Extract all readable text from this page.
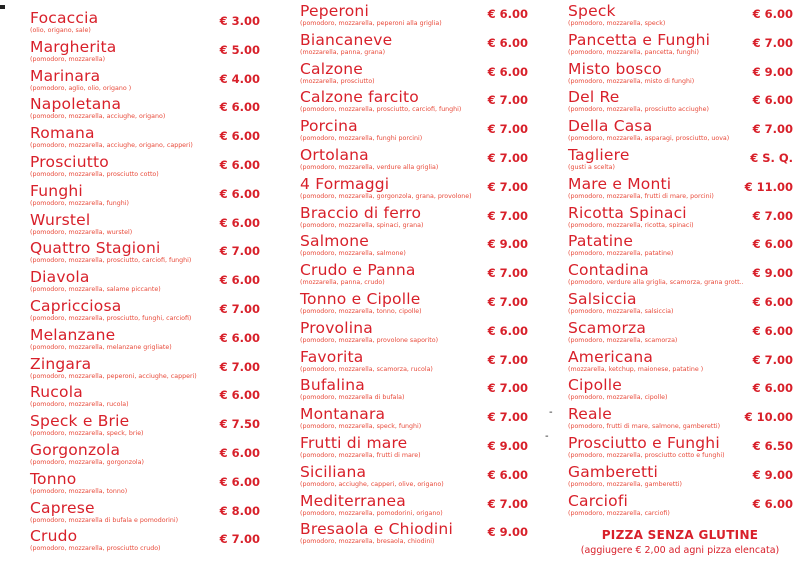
Focaccia
(olio, origano, sale)
€ 3.00
Margherita
(pomodoro, mozzarella)
€ 5.00
Marinara
(pomodoro, aglio, olio, origano )
€ 4.00
Napoletana
(pomodoro, mozzarella, acciughe, origano)
€ 6.00
Romana
(pomodoro, mozzarella, acciughe, origano, capperi)
€ 6.00
Prosciutto
(pomodoro, mozzarella, prosciutto cotto)
€ 6.00
Funghi
(pomodoro, mozzarella, funghi)
€ 6.00
Wurstel
(pomodoro, mozzarella, wurstel)
€ 6.00
Quattro Stagioni
(pomodoro, mozzarella, prosciutto, carciofi, funghi)
€ 7.00
Diavola
(pomodoro, mozzarella, salame piccante)
€ 6.00
Capricciosa
(pomodoro, mozzarella, prosciutto, funghi, carciofi)
€ 7.00
Melanzane
(pomodoro, mozzarella, melanzane grigliate)
€ 6.00
Zingara
(pomodoro, mozzarella, peperoni, acciughe, capperi)
€ 7.00
Rucola
(pomodoro, mozzarella, rucola)
€ 6.00
Speck e Brie
(pomodoro, mozzarella, speck, brie)
€ 7.50
Gorgonzola
(pomodoro, mozzarella, gorgonzola)
€ 6.00
Tonno
(pomodoro, mozzarella, tonno)
€ 6.00
Caprese
(pomodoro, mozzarella di bufala e pomodorini)
€ 8.00
Crudo
(pomodoro, mozzarella, prosciutto crudo)
€ 7.00
Peperoni
(pomodoro, mozzarella, peperoni alla griglia)
€ 6.00
Biancaneve
(mozzarella, panna, grana)
€ 6.00
Calzone
(mozzarella, prosciutto)
€ 6.00
Calzone farcito
(pomodoro, mozzarella, prosciutto, carciofi, funghi)
€ 7.00
Porcina
(pomodoro, mozzarella, funghi porcini)
€ 7.00
Ortolana
(pomodoro, mozzarella, verdure alla griglia)
€ 7.00
4 Formaggi
(pomodoro, mozzarella, gorgonzola, grana, provolone)
€ 7.00
Braccio di ferro
(pomodoro, mozzarella, spinaci, grana)
€ 7.00
Salmone
(pomodoro, mozzarella, salmone)
€ 9.00
Crudo e Panna
(mozzarella, panna, crudo)
€ 7.00
Tonno e Cipolle
(pomodoro, mozzarella, tonno, cipolle)
€ 7.00
Provolina
(pomodoro, mozzarella, provolone saporito)
€ 6.00
Favorita
(pomodoro, mozzarella, scamorza, rucola)
€ 7.00
Bufalina
(pomodoro, mozzarella di bufala)
€ 7.00
Montanara
(pomodoro, mozzarella, speck, funghi)
€ 7.00
Frutti di mare
(pomodoro, mozzarella, frutti di mare)
€ 9.00
Siciliana
(pomodoro, acciughe, capperi, olive, origano)
€ 6.00
Mediterranea
(pomodoro, mozzarella, pomodorini, origano)
€ 7.00
Bresaola e Chiodini
(pomodoro, mozzarella, bresaola, chiodini)
€ 9.00
Speck
(pomodoro, mozzarella, speck)
€ 6.00
Pancetta e Funghi
(pomodoro, mozzarella, pancetta, funghi)
€ 7.00
Misto bosco
(pomodoro, mozzarella, misto di funghi)
€ 9.00
Del Re
(pomodoro, mozzarella, prosciutto acciughe)
€ 6.00
Della Casa
(pomodoro, mozzarella, asparagi, prosciutto, uova)
€ 7.00
Tagliere
(gusti a scelta)
€ S. Q.
Mare e Monti
(pomodoro, mozzarella, frutti di mare, porcini)
€ 11.00
Ricotta Spinaci
(pomodoro, mozzarella, ricotta, spinaci)
€ 7.00
Patatine
(pomodoro, mozzarella, patatine)
€ 6.00
Contadina
(pomodoro, verdure alla griglia, scamorza, grana grott..
€ 9.00
Salsiccia
(pomodoro, mozzarella, salsiccia)
€ 6.00
Scamorza
(pomodoro, mozzarella, scamorza)
€ 6.00
Americana
(mozzarella, ketchup, maionese, patatine )
€ 7.00
Cipolle
(pomodoro, mozzarella, cipolle)
€ 6.00
Reale
(pomodoro, frutti di mare, salmone, gamberetti)
€ 10.00
Prosciutto e Funghi
(pomodoro, mozzarella, prosciutto cotto e funghi)
€ 6.50
Gamberetti
(pomodoro, mozzarella, gamberetti)
€ 9.00
Carciofi
(pomodoro, mozzarella, carciofi)
€ 6.00
PIZZA SENZA GLUTINE
(aggiugere € 2,00 ad agni pizza elencata)
-
-
